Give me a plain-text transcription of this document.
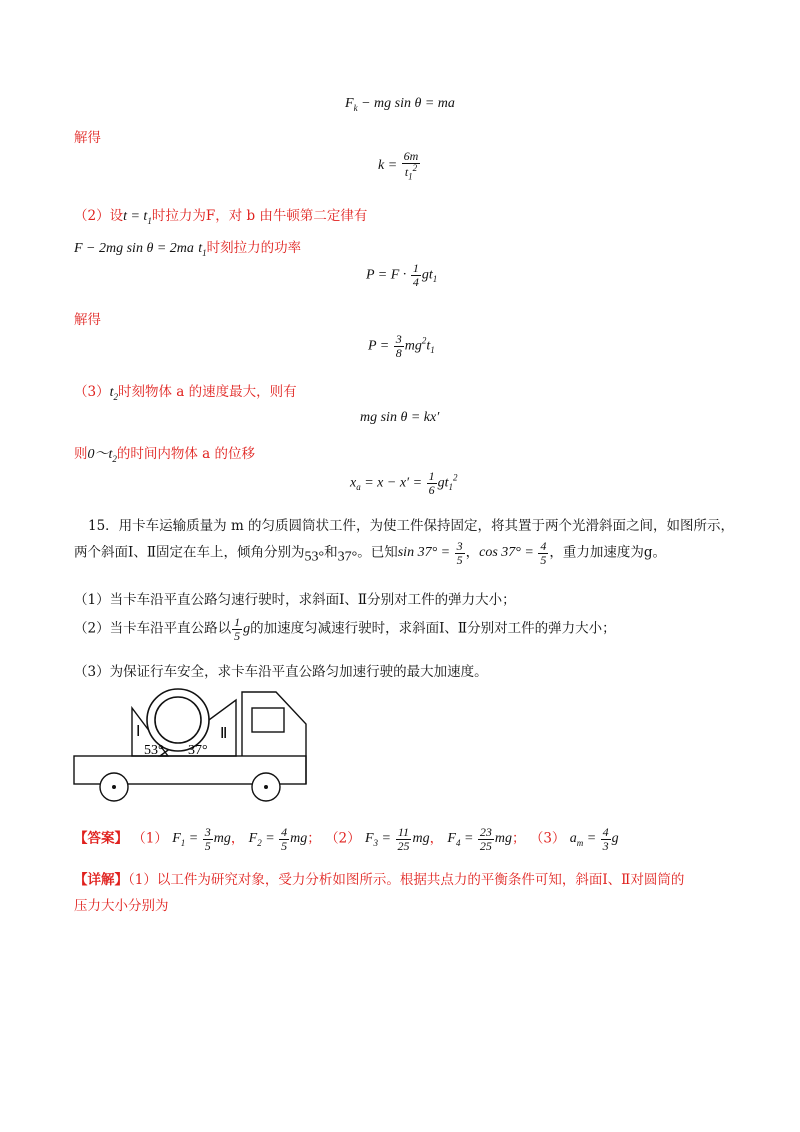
$F_k$ − mg sin θ = ma
解得
$k = \frac{6m}{t_1^2}$
（2）设$t = t_1$时拉力为F，对 b 由牛顿第二定律有
F − 2mg sin θ = 2ma $t_1$时刻拉力的功率
$P = F \cdot \frac{1}{4} gt_1$
解得
$P = \frac{3}{8} mg^2t_1$
$(3)t_2$时刻物体 a 的速度最大，则有
mg sin θ = kx′
则$0\sim t_2$的时间内物体 a 的位移
$x_a = x - x' = \frac{1}{6} gt_1^2$
15．用卡车运输质量为 m 的匀质圆筒状工件，为使工件保持固定，将其置于两个光滑斜面之间，如图所示，
两个斜面Ⅰ、Ⅱ固定在车上，倾角分别为53°和37°。已知$\sin 37^\circ = \frac{3}{5}$ ，$\cos 37^\circ = \frac{4}{5}$ ，重力加速度为g。
（1）当卡车沿平直公路匀速行驶时，求斜面Ⅰ、Ⅱ分别对工件的弹力大小；
（2）当卡车沿平直公路以 $\frac{1}{5}$ g的加速度匀减速行驶时，求斜面Ⅰ、Ⅱ分别对工件的弹力大小；
（3）为保证行车安全，求卡车沿平直公路匀加速行驶的最大加速度。
Ⅰ	Ⅱ
53° 37°
【答案】 （1） $F_1 = \frac{3}{5}$ mg， $F_2 = \frac{4}{5}$ mg； （2） $F_3 = \frac{11}{25}$ mg， $F_4 = \frac{23}{25}$ mg； （3） $a_m = \frac{4}{3}$ g
【详解】（1）以工件为研究对象，受力分析如图所示。根据共点力的平衡条件可知，斜面Ⅰ、Ⅱ对圆筒的
压力大小分别为
